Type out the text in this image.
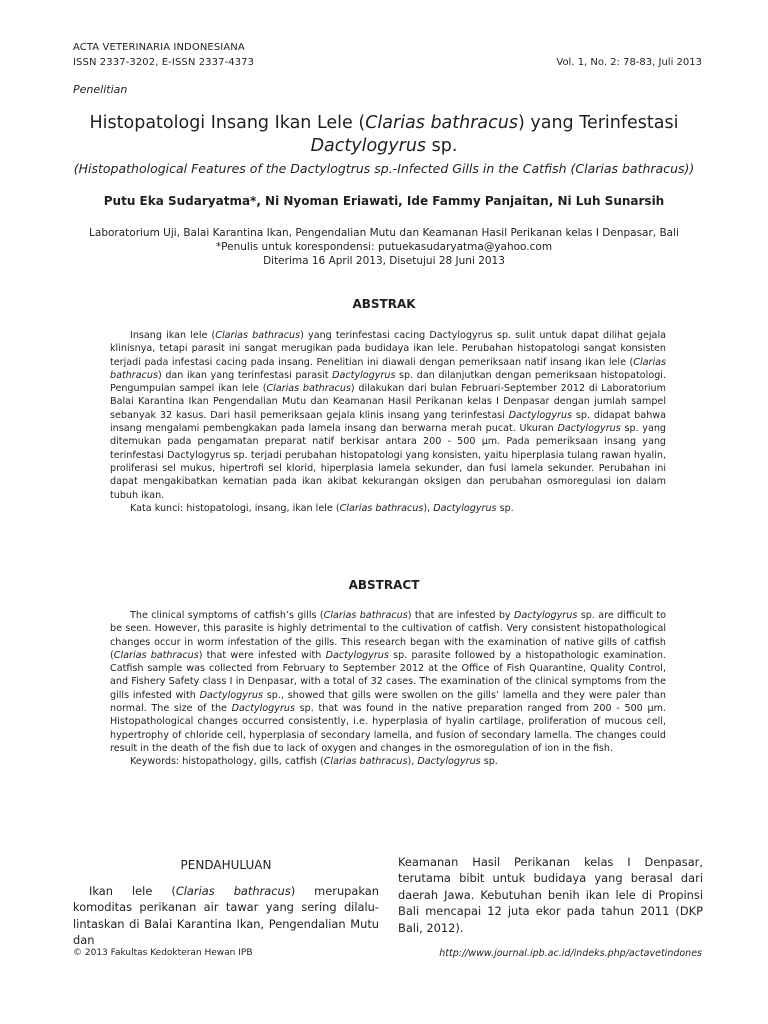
ACTA VETERINARIA INDONESIANA
ISSN 2337-3202, E-ISSN 2337-4373	Vol. 1, No. 2: 78-83, Juli 2013
Penelitian
Histopatologi Insang Ikan Lele (Clarias bathracus) yang Terinfestasi
Dactylogyrus sp.
(Histopathological Features of the Dactylogtrus sp.-Infected Gills in the Catfish (Clarias bathracus))
Putu Eka Sudaryatma*, Ni Nyoman Eriawati, Ide Fammy Panjaitan, Ni Luh Sunarsih
Laboratorium Uji, Balai Karantina Ikan, Pengendalian Mutu dan Keamanan Hasil Perikanan kelas I Denpasar, Bali
*Penulis untuk korespondensi: putuekasudaryatma@yahoo.com
Diterima 16 April 2013, Disetujui 28 Juni 2013
ABSTRAK

Insang ikan lele (Clarias bathracus) yang terinfestasi cacing Dactylogyrus sp. sulit untuk dapat dilihat gejala klinisnya, tetapi parasit ini sangat merugikan pada budidaya ikan lele. Perubahan histopatologi sangat konsisten terjadi pada infestasi cacing pada insang. Penelitian ini diawali dengan pemeriksaan natif insang ikan lele (Clarias bathracus) dan ikan yang terinfestasi parasit Dactylogyrus sp. dan dilanjutkan dengan pemeriksaan histopatologi. Pengumpulan sampel ikan lele (Clarias bathracus) dilakukan dari bulan Februari-September 2012 di Laboratorium Balai Karantina Ikan Pengendalian Mutu dan Keamanan Hasil Perikanan kelas I Denpasar dengan jumlah sampel sebanyak 32 kasus. Dari hasil pemeriksaan gejala klinis insang yang terinfestasi Dactylogyrus sp. didapat bahwa insang mengalami pembengkakan pada lamela insang dan berwarna merah pucat. Ukuran Dactylogyrus sp. yang ditemukan pada pengamatan preparat natif berkisar antara 200 - 500 µm. Pada pemeriksaan insang yang terinfestasi Dactylogyrus sp. terjadi perubahan histopatologi yang konsisten, yaitu hiperplasia tulang rawan hyalin, proliferasi sel mukus, hipertrofi sel klorid, hiperplasia lamela sekunder, dan fusi lamela sekunder. Perubahan ini dapat mengakibatkan kematian pada ikan akibat kekurangan oksigen dan perubahan osmoregulasi ion dalam tubuh ikan.

Kata kunci: histopatologi, insang, ikan lele (Clarias bathracus), Dactylogyrus sp.

ABSTRACT

The clinical symptoms of catfish’s gills (Clarias bathracus) that are infested by Dactylogyrus sp. are difficult to be seen. However, this parasite is highly detrimental to the cultivation of catfish. Very consistent histopathological changes occur in worm infestation of the gills. This research began with the examination of native gills of catfish (Clarias bathracus) that were infested with Dactylogyrus sp. parasite followed by a histopathologic examination. Catfish sample was collected from February to September 2012 at the Office of Fish Quarantine, Quality Control, and Fishery Safety class I in Denpasar, with a total of 32 cases. The examination of the clinical symptoms from the gills infested with Dactylogyrus sp., showed that gills were swollen on the gills’ lamella and they were paler than normal. The size of the Dactylogyrus sp. that was found in the native preparation ranged from 200 - 500 µm. Histopathological changes occurred consistently, i.e. hyperplasia of hyalin cartilage, proliferation of mucous cell, hypertrophy of chloride cell, hyperplasia of secondary lamella, and fusion of secondary lamella. The changes could result in the death of the fish due to lack of oxygen and changes in the osmoregulation of ion in the fish.

Keywords: histopathology, gills, catfish (Clarias bathracus), Dactylogyrus sp.

PENDAHULUAN

Ikan lele (Clarias bathracus) merupakan komoditas perikanan air tawar yang sering dilalu-lintaskan di Balai Karantina Ikan, Pengendalian Mutu dan

Keamanan Hasil Perikanan kelas I Denpasar, terutama bibit untuk budidaya yang berasal dari daerah Jawa. Kebutuhan benih ikan lele di Propinsi Bali mencapai 12 juta ekor pada tahun 2011 (DKP Bali, 2012).

© 2013 Fakultas Kedokteran Hewan IPB	http://www.journal.ipb.ac.id/indeks.php/actavetindones
